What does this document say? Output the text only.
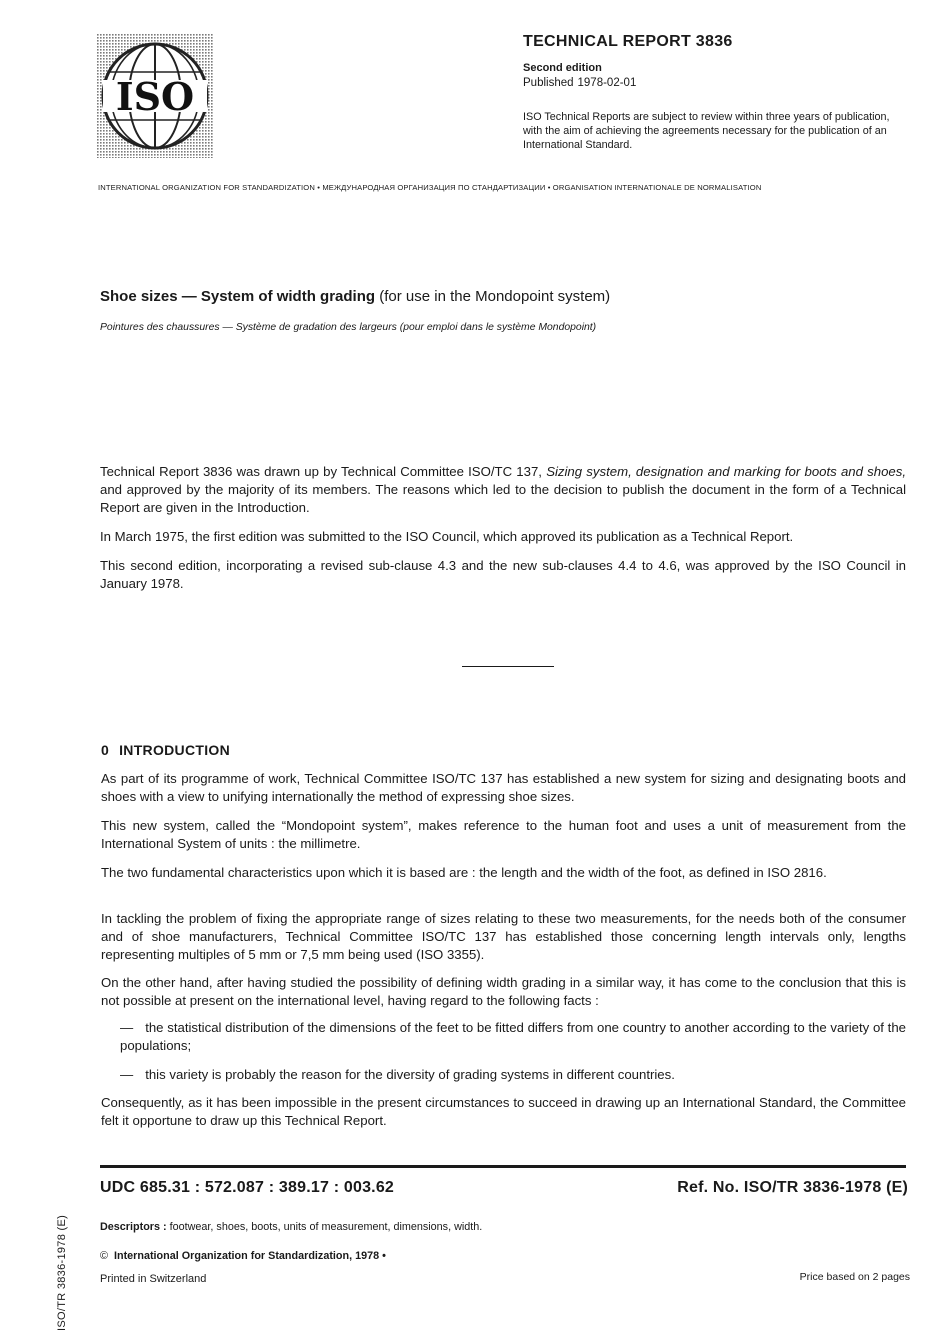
ISO
TECHNICAL REPORT 3836
Second edition
Published 1978-02-01
ISO Technical Reports are subject to review within three years of publication, with the aim of achieving the agreements necessary for the publication of an International Standard.
INTERNATIONAL ORGANIZATION FOR STANDARDIZATION • МЕЖДУНАРОДНАЯ ОРГАНИЗАЦИЯ ПО СТАНДАРТИЗАЦИИ • ORGANISATION INTERNATIONALE DE NORMALISATION
Shoe sizes — System of width grading (for use in the Mondopoint system)
Pointures des chaussures — Système de gradation des largeurs (pour emploi dans le système Mondopoint)
Technical Report 3836 was drawn up by Technical Committee ISO/TC 137, Sizing system, designation and marking for boots and shoes, and approved by the majority of its members. The reasons which led to the decision to publish the document in the form of a Technical Report are given in the Introduction.
In March 1975, the first edition was submitted to the ISO Council, which approved its publication as a Technical Report.
This second edition, incorporating a revised sub-clause 4.3 and the new sub-clauses 4.4 to 4.6, was approved by the ISO Council in January 1978.
0 INTRODUCTION
As part of its programme of work, Technical Committee ISO/TC 137 has established a new system for sizing and designating boots and shoes with a view to unifying internationally the method of expressing shoe sizes.
This new system, called the “Mondopoint system”, makes reference to the human foot and uses a unit of measurement from the International System of units : the millimetre.
The two fundamental characteristics upon which it is based are : the length and the width of the foot, as defined in ISO 2816.
In tackling the problem of fixing the appropriate range of sizes relating to these two measurements, for the needs both of the consumer and of shoe manufacturers, Technical Committee ISO/TC 137 has established those concerning length intervals only, lengths representing multiples of 5 mm or 7,5 mm being used (ISO 3355).
On the other hand, after having studied the possibility of defining width grading in a similar way, it has come to the conclusion that this is not possible at present on the international level, having regard to the following facts :
— the statistical distribution of the dimensions of the feet to be fitted differs from one country to another according to the variety of the populations;
— this variety is probably the reason for the diversity of grading systems in different countries.
Consequently, as it has been impossible in the present circumstances to succeed in drawing up an International Standard, the Committee felt it opportune to draw up this Technical Report.
UDC 685.31 : 572.087 : 389.17 : 003.62	Ref. No. ISO/TR 3836-1978 (E)
Descriptors : footwear, shoes, boots, units of measurement, dimensions, width.
© International Organization for Standardization, 1978 •
Printed in Switzerland	Price based on 2 pages
ISO/TR 3836-1978 (E)
